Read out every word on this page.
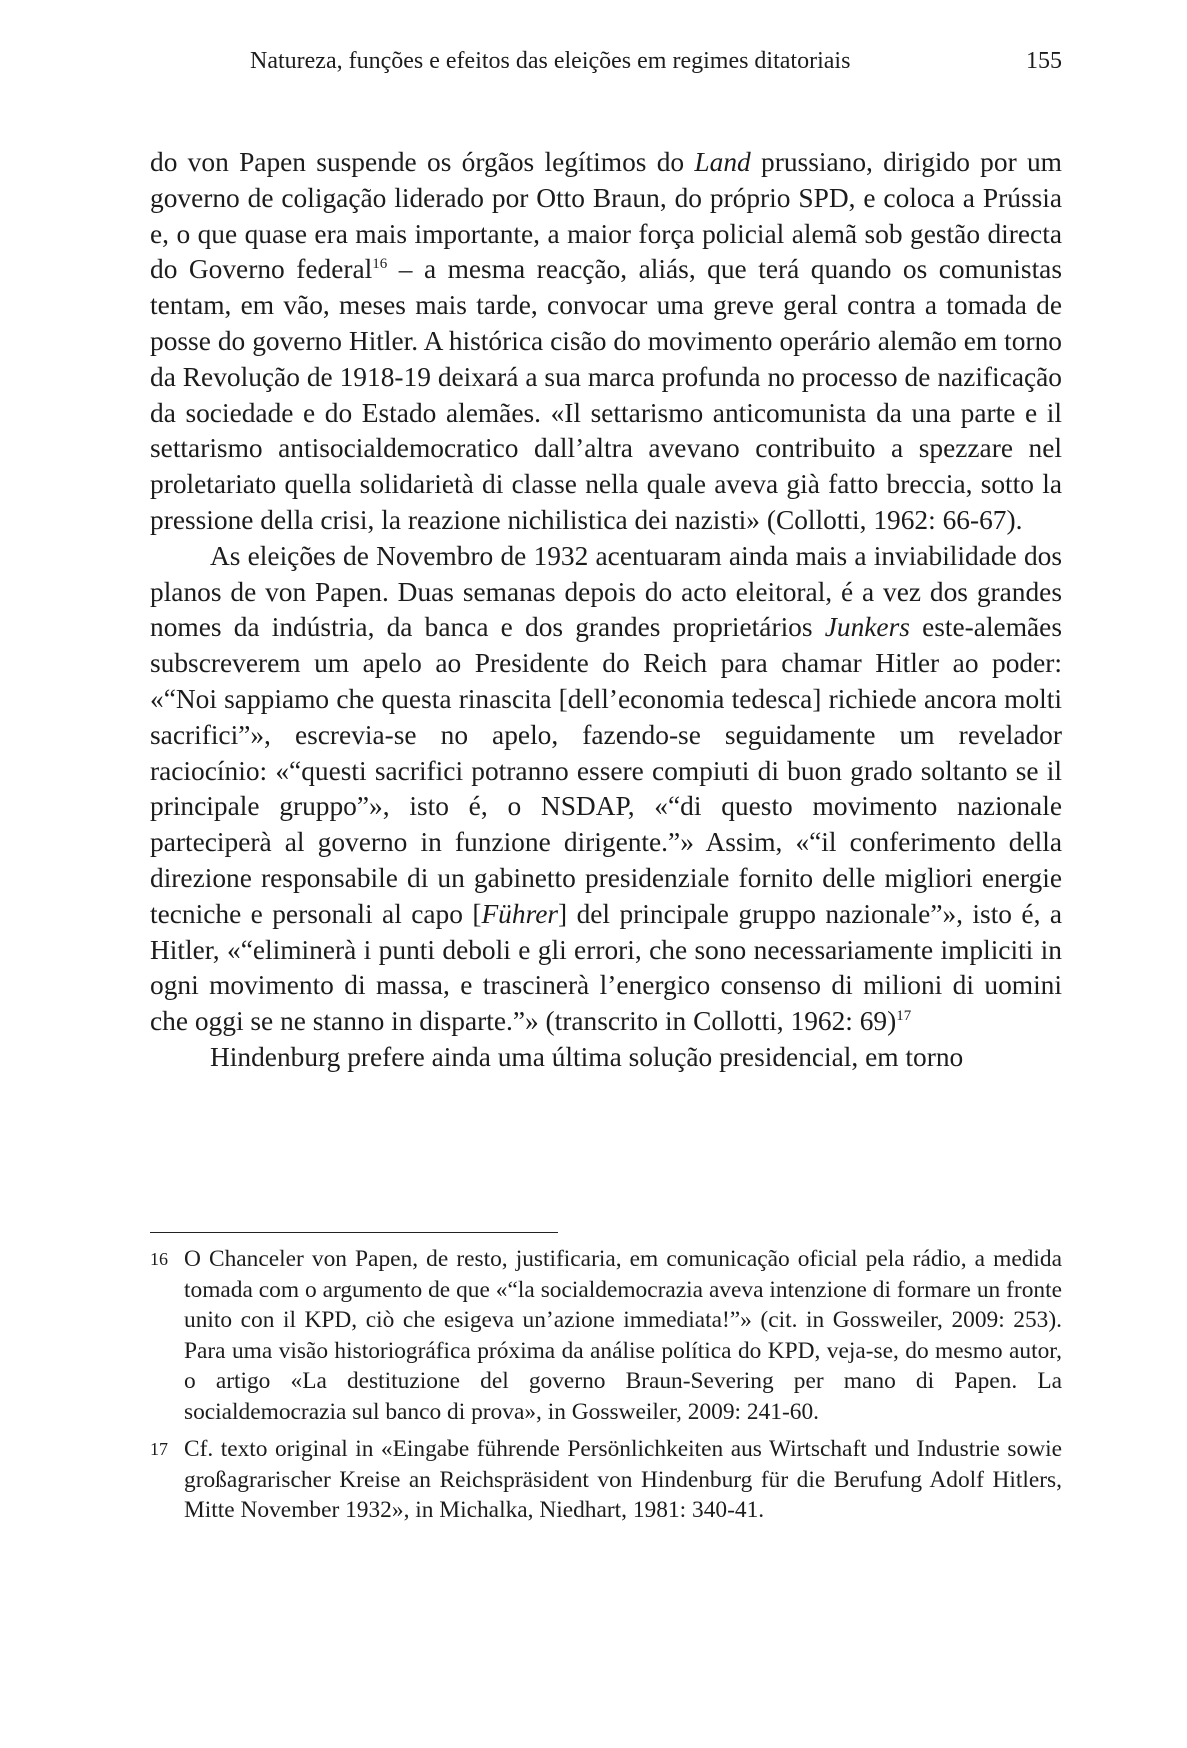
Natureza, funções e efeitos das eleições em regimes ditatoriais	155

do von Papen suspende os órgãos legítimos do Land prussiano, dirigido por um governo de coligação liderado por Otto Braun, do próprio SPD, e coloca a Prússia e, o que quase era mais importante, a maior força policial alemã sob gestão directa do Governo federal$^{16}$ – a mesma reacção, aliás, que terá quando os comunistas tentam, em vão, meses mais tarde, convocar uma greve geral contra a tomada de posse do governo Hitler. A histórica cisão do movimento operário alemão em torno da Revolução de 1918-19 deixará a sua marca profunda no processo de nazificação da sociedade e do Estado alemães. «Il settarismo anticomunista da una parte e il settarismo antisocialdemocratico dall’altra avevano contribuito a spezzare nel proletariato quella solidarietà di classe nella quale aveva già fatto breccia, sotto la pressione della crisi, la reazione nichilistica dei nazisti» (Collotti, 1962: 66-67).

As eleições de Novembro de 1932 acentuaram ainda mais a inviabilidade dos planos de von Papen. Duas semanas depois do acto eleitoral, é a vez dos grandes nomes da indústria, da banca e dos grandes proprietários Junkers este-alemães subscreverem um apelo ao Presidente do Reich para chamar Hitler ao poder: «“Noi sappiamo che questa rinascita [dell’economia tedesca] richiede ancora molti sacrifici”», escrevia-se no apelo, fazendo-se seguidamente um revelador raciocínio: «“questi sacrifici potranno essere compiuti di buon grado soltanto se il principale gruppo”», isto é, o NSDAP, «“di questo movimento nazionale parteciperà al governo in funzione dirigente.”» Assim, «“il conferimento della direzione responsabile di un gabinetto presidenziale fornito delle migliori energie tecniche e personali al capo [Führer] del principale gruppo nazionale”», isto é, a Hitler, «“eliminerà i punti deboli e gli errori, che sono necessariamente impliciti in ogni movimento di massa, e trascinerà l’energico consenso di milioni di uomini che oggi se ne stanno in disparte.”» (transcrito in Collotti, 1962: 69)$^{17}$

Hindenburg prefere ainda uma última solução presidencial, em torno

16 O Chanceler von Papen, de resto, justificaria, em comunicação oficial pela rádio, a medida tomada com o argumento de que «“la socialdemocrazia aveva intenzione di formare un fronte unito con il KPD, ciò che esigeva un’azione immediata!”» (cit. in Gossweiler, 2009: 253). Para uma visão historiográfica próxima da análise política do KPD, veja-se, do mesmo autor, o artigo «La destituzione del governo Braun-Severing per mano di Papen. La socialdemocrazia sul banco di prova», in Gossweiler, 2009: 241-60.
17 Cf. texto original in «Eingabe führende Persönlichkeiten aus Wirtschaft und Industrie sowie großagrarischer Kreise an Reichspräsident von Hindenburg für die Berufung Adolf Hitlers, Mitte November 1932», in Michalka, Niedhart, 1981: 340-41.
